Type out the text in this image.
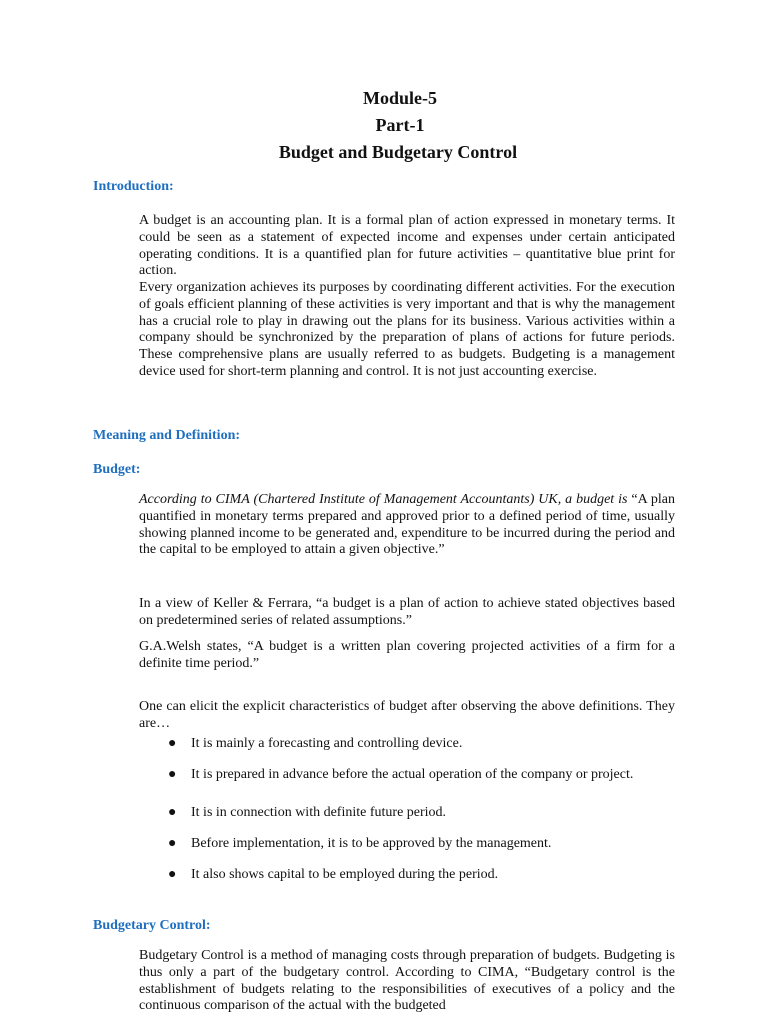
Module-5
Part-1
Budget and Budgetary Control
Introduction:

A budget is an accounting plan. It is a formal plan of action expressed in monetary terms. It could be seen as a statement of expected income and expenses under certain anticipated operating conditions. It is a quantified plan for future activities – quantitative blue print for action.

Every organization achieves its purposes by coordinating different activities. For the execution of goals efficient planning of these activities is very important and that is why the management has a crucial role to play in drawing out the plans for its business. Various activities within a company should be synchronized by the preparation of plans of actions for future periods. These comprehensive plans are usually referred to as budgets. Budgeting is a management device used for short-term planning and control. It is not just accounting exercise.

Meaning and Definition:
Budget:

According to CIMA (Chartered Institute of Management Accountants) UK, a budget is “A plan quantified in monetary terms prepared and approved prior to a defined period of time, usually showing planned income to be generated and, expenditure to be incurred during the period and the capital to be employed to attain a given objective.”

In a view of Keller & Ferrara, “a budget is a plan of action to achieve stated objectives based on predetermined series of related assumptions.”

G.A.Welsh states, “A budget is a written plan covering projected activities of a firm for a definite time period.”

One can elicit the explicit characteristics of budget after observing the above definitions. They are…

●	It is mainly a forecasting and controlling device.
●	It is prepared in advance before the actual operation of the company or project.
●	It is in connection with definite future period.
●	Before implementation, it is to be approved by the management.
●	It also shows capital to be employed during the period.
Budgetary Control:

Budgetary Control is a method of managing costs through preparation of budgets. Budgeting is thus only a part of the budgetary control. According to CIMA, “Budgetary control is the establishment of budgets relating to the responsibilities of executives of a policy and the continuous comparison of the actual with the budgeted
